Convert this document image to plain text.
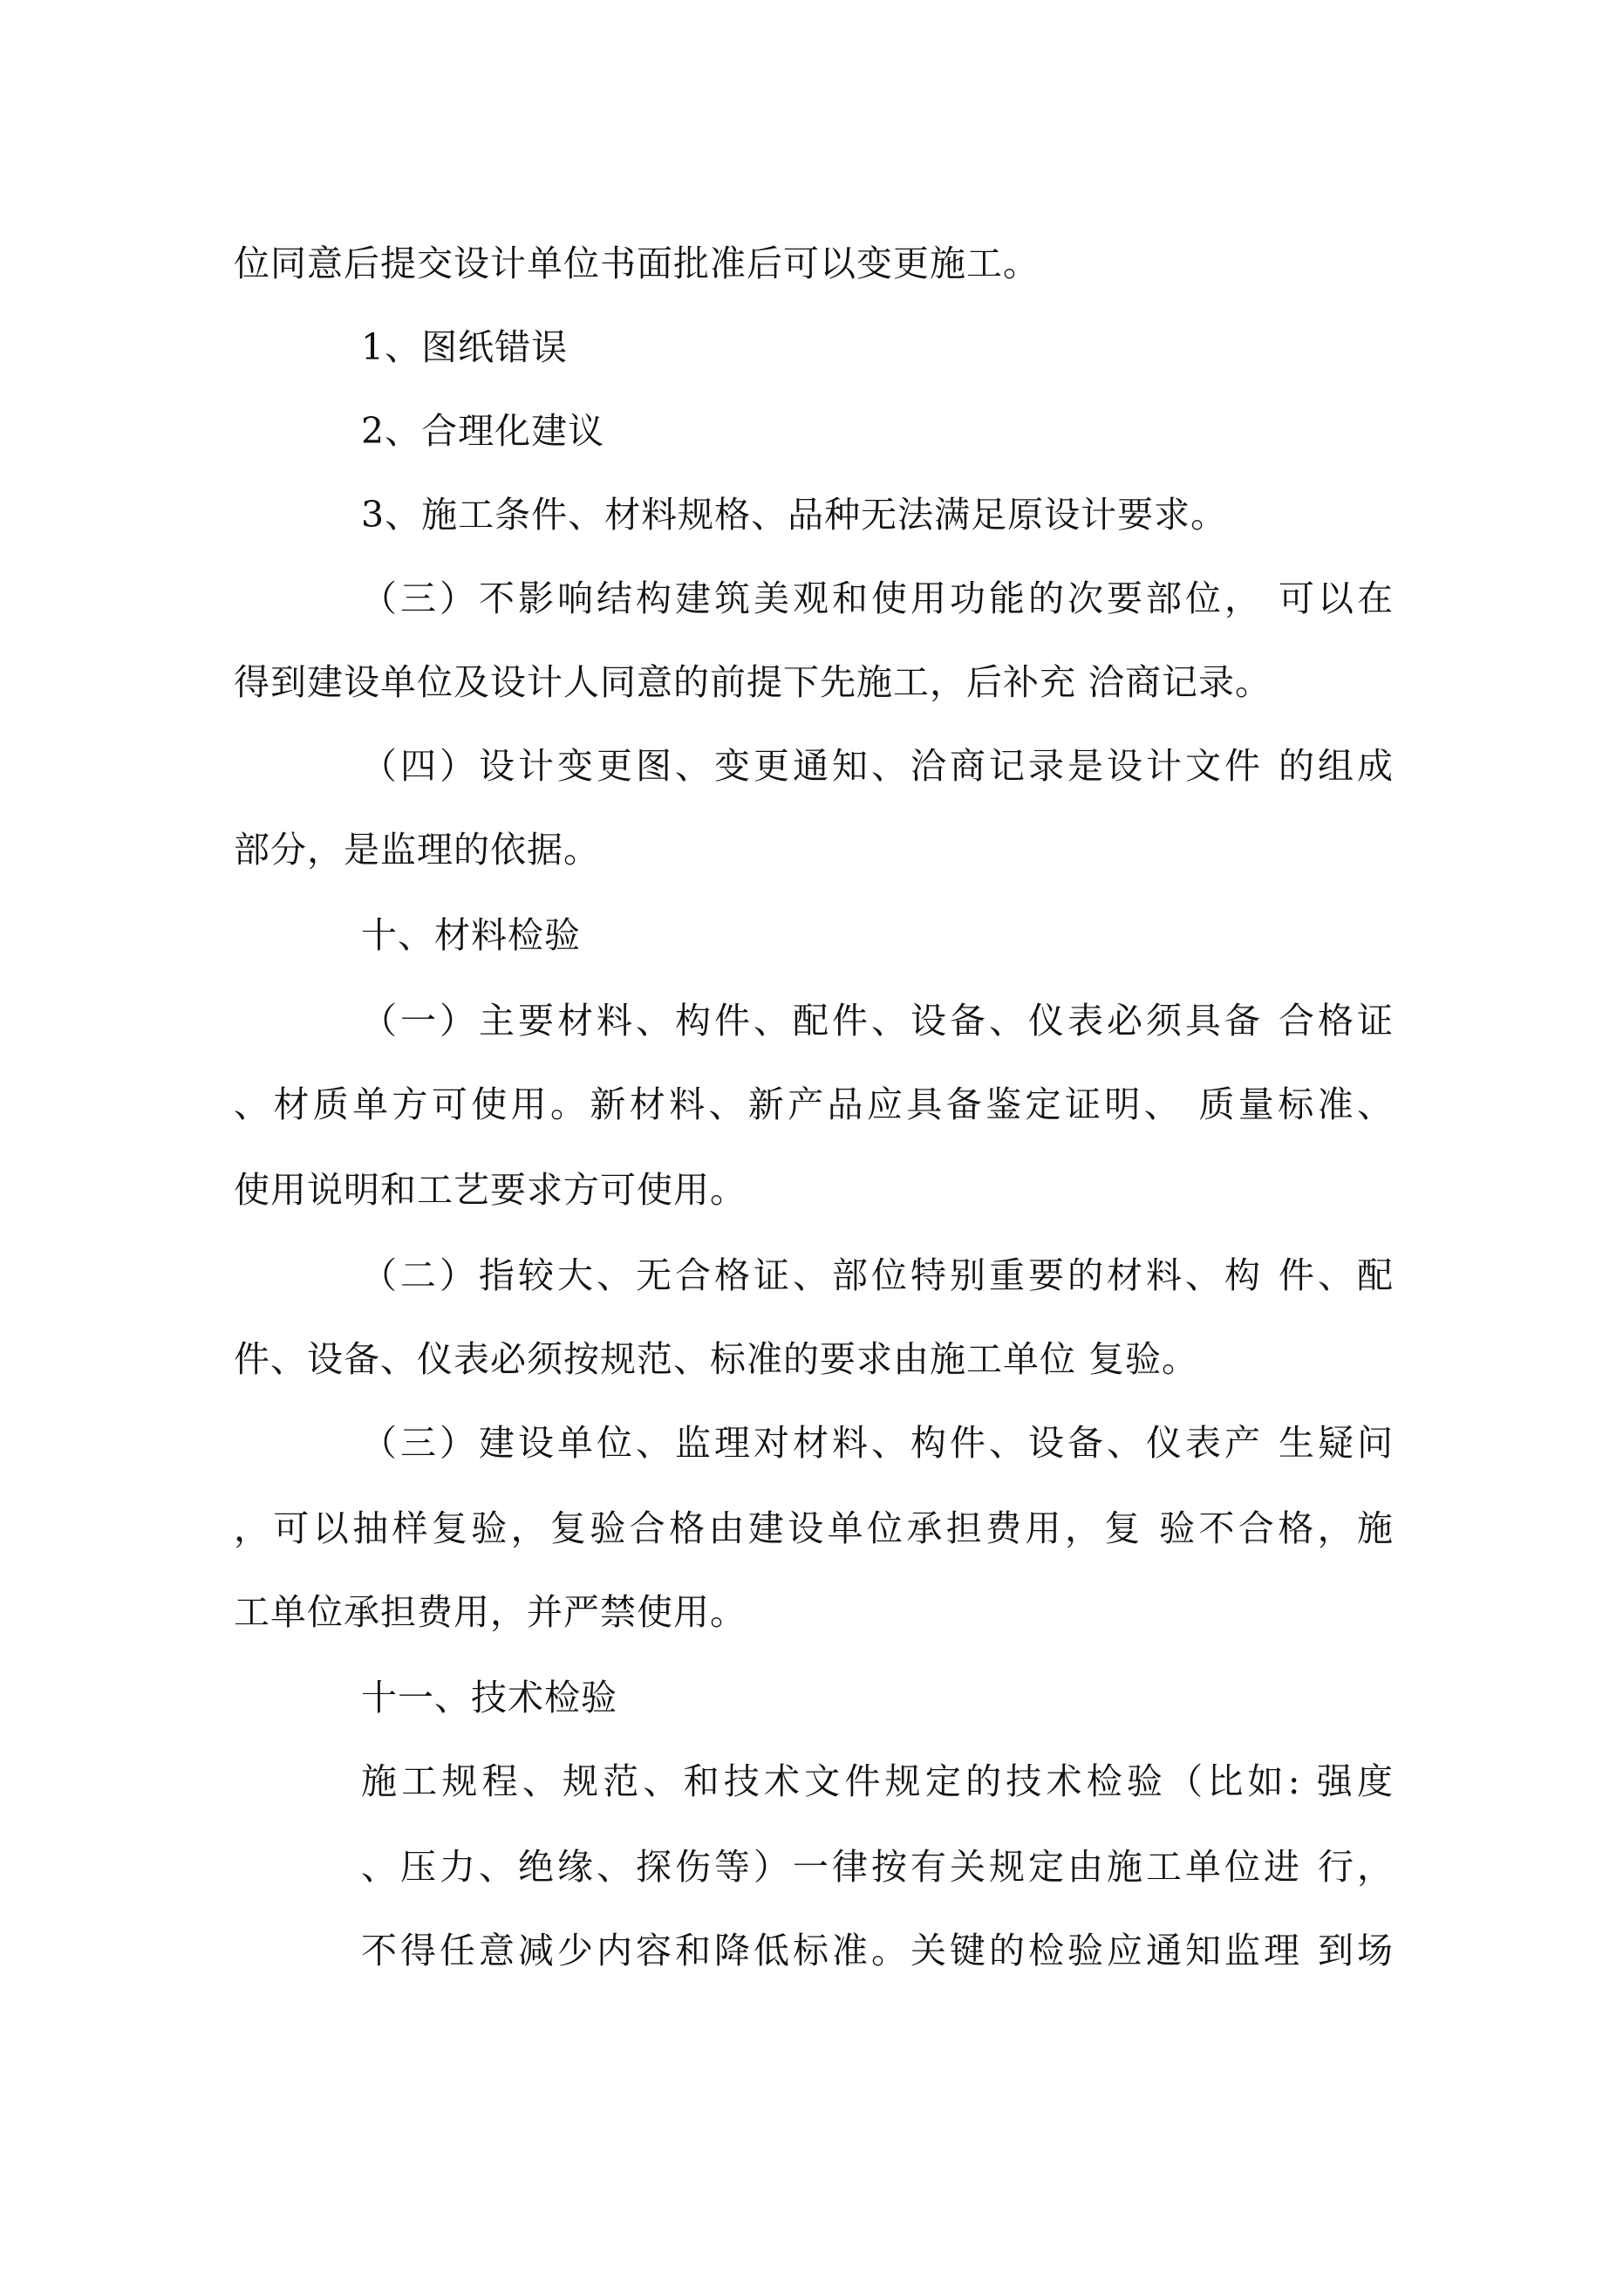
位同意后提交设计单位书面批准后可以变更施工。
1、图纸错误
2、合理化建议
3、施工条件、材料规格、品种无法满足原设计要求。
（三）不影响结构建筑美观和使用功能的次要部位， 可以在
得到建设单位及设计人同意的前提下先施工，后补充 洽商记录。
（四）设计变更图、变更通知、洽商记录是设计文件 的组成
部分，是监理的依据。
十、材料检验
（一）主要材料、构件、配件、设备、仪表必须具备 合格证
、材质单方可使用。新材料、新产品应具备鉴定证明、 质量标准、
使用说明和工艺要求方可使用。
（二）指较大、无合格证、部位特别重要的材料、构 件、配
件、设备、仪表必须按规范、标准的要求由施工单位 复验。
（三）建设单位、监理对材料、构件、设备、仪表产 生疑问
，可以抽样复验，复验合格由建设单位承担费用，复 验不合格，施
工单位承担费用，并严禁使用。
十一、技术检验
施工规程、规范、和技术文件规定的技术检验（比如: 强度
、压力、绝缘、探伤等）一律按有关规定由施工单位进 行，
不得任意减少内容和降低标准。关键的检验应通知监理 到场
